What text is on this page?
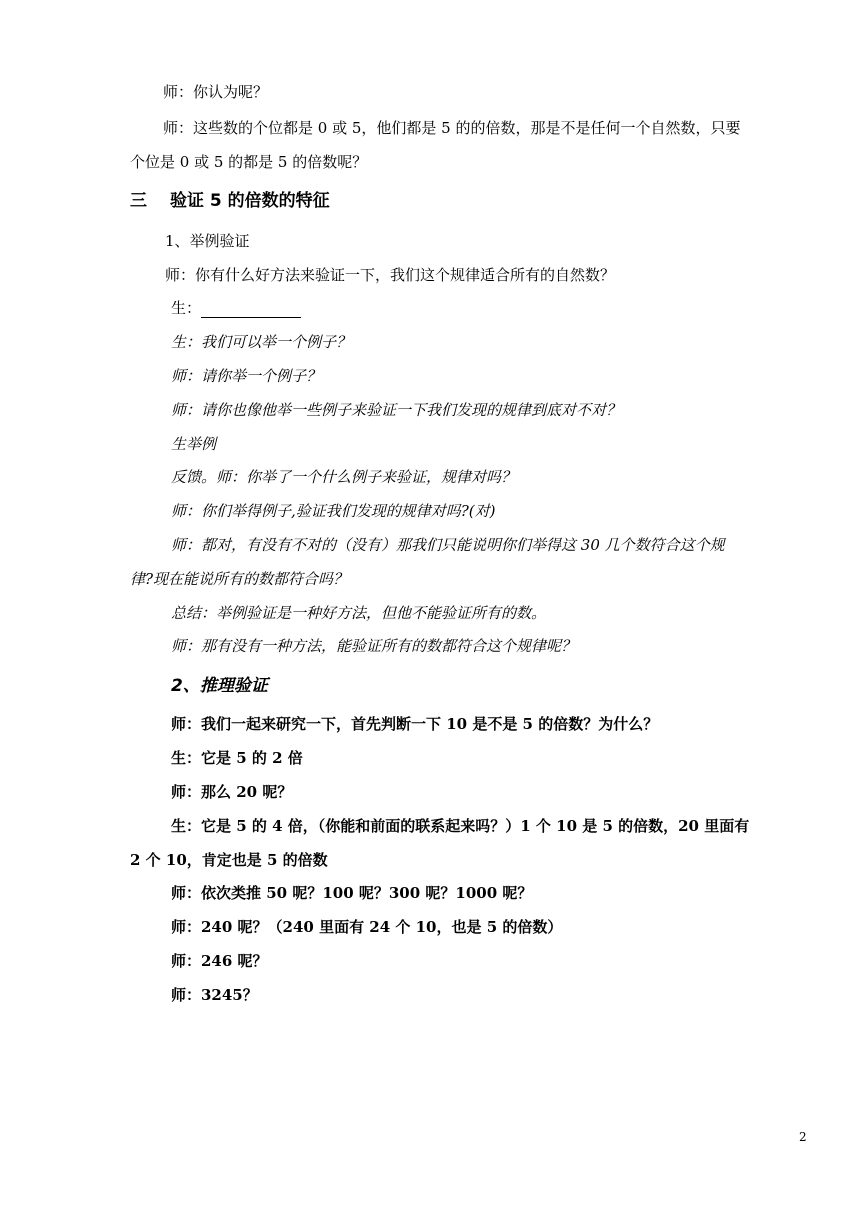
师：你认为呢？
师：这些数的个位都是 0 或 5，他们都是 5 的的倍数，那是不是任何一个自然数，只要
个位是 0 或 5 的都是 5 的倍数呢？
三 验证 5 的倍数的特征
1、举例验证
师：你有什么好方法来验证一下，我们这个规律适合所有的自然数？
生：
生：我们可以举一个例子？
师：请你举一个例子？
师：请你也像他举一些例子来验证一下我们发现的规律到底对不对？
生举例
反馈。师：你举了一个什么例子来验证，规律对吗？
师：你们举得例子,验证我们发现的规律对吗?(对)
师：都对，有没有不对的（没有）那我们只能说明你们举得这 30 几个数符合这个规
律?现在能说所有的数都符合吗？
总结：举例验证是一种好方法，但他不能验证所有的数。
师：那有没有一种方法，能验证所有的数都符合这个规律呢？
2、推理验证
师：我们一起来研究一下，首先判断一下 10 是不是 5 的倍数？为什么？
生：它是 5 的 2 倍
师：那么 20 呢？
生：它是 5 的 4 倍，（你能和前面的联系起来吗？）1 个 10 是 5 的倍数，20 里面有
2 个 10，肯定也是 5 的倍数
师：依次类推 50 呢？100 呢？300 呢？1000 呢？
师：240 呢？（240 里面有 24 个 10，也是 5 的倍数）
师：246 呢？
师：3245？
2
